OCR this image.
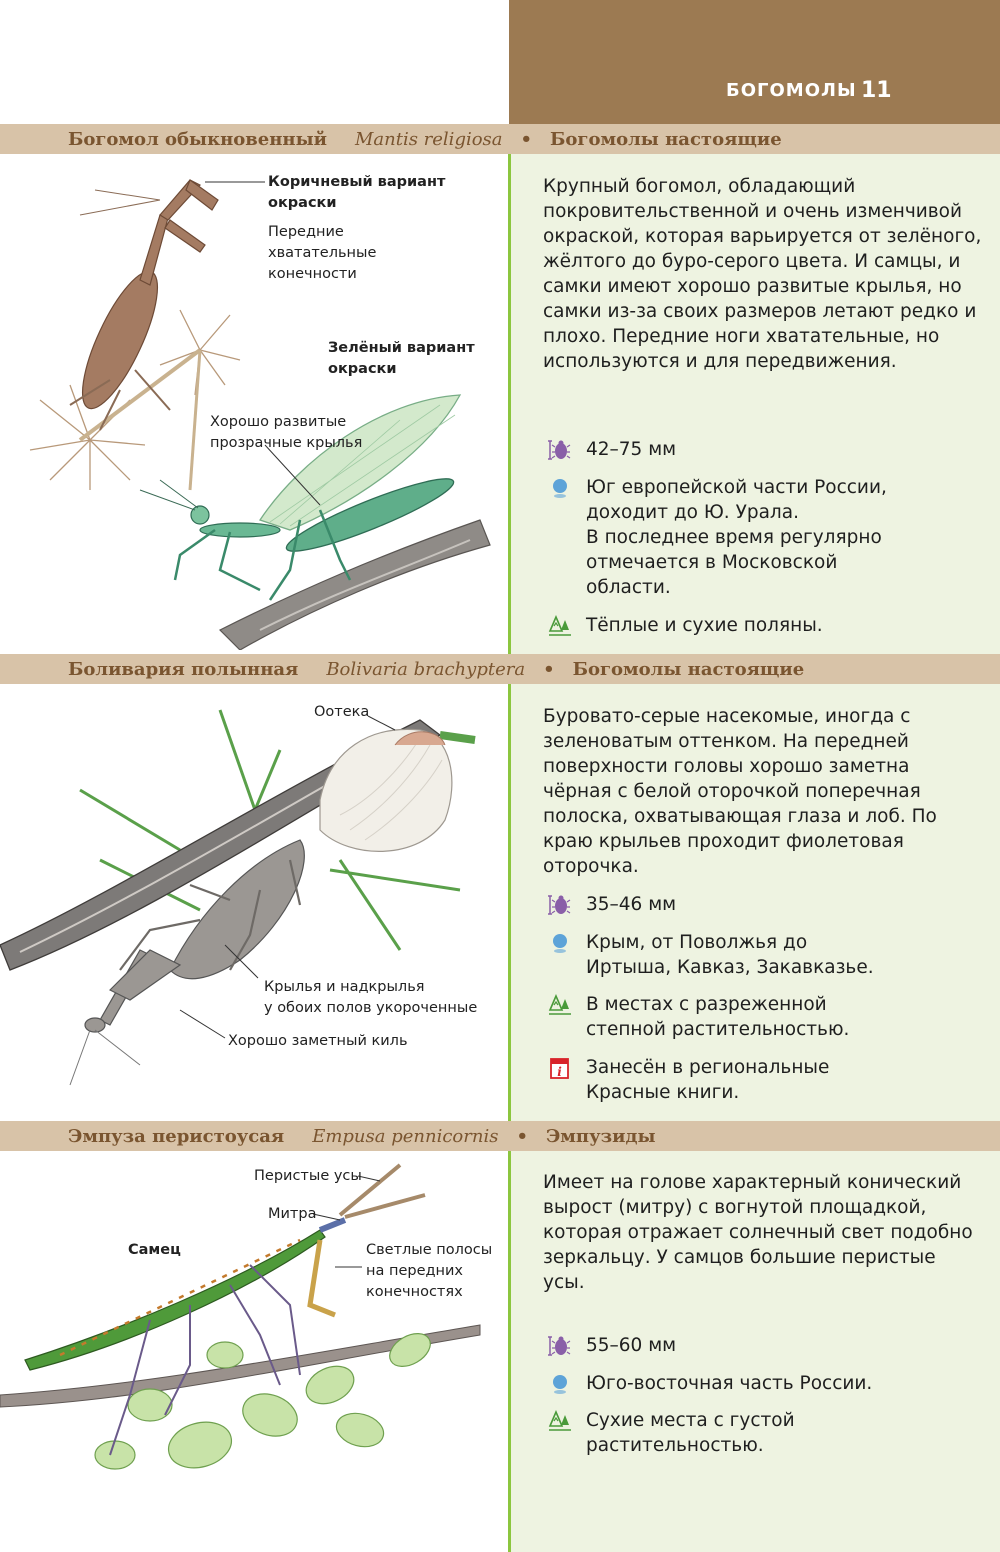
БОГОМОЛЫ 11
Богомол обыкновенный Mantis religiosa • Богомолы настоящие
Коричневый вариант
окраски
Передние
хватательные
конечности
Зелёный вариант
окраски
Хорошо развитые
прозрачные крылья
Крупный богомол, обладающий покровительственной и очень изменчивой окраской, которая варьируется от зелёного, жёлтого до буро-серого цвета. И самцы, и самки имеют хорошо развитые крылья, но самки из-за своих размеров летают редко и плохо. Передние ноги хватательные, но используются и для передвижения.
42–75 мм
Юг европейской части России,
доходит до Ю. Урала.
В последнее время регулярно
отмечается в Московской
области.
Тёплые и сухие поляны.
Боливария полынная Bolivaria brachyptera • Богомолы настоящие
Оотека
Крылья и надкрылья
у обоих полов укороченные
Хорошо заметный киль
Буровато-серые насекомые, иногда с зеленоватым оттенком. На передней поверхности головы хорошо заметна чёрная с белой оторочкой поперечная полоска, охватывающая глаза и лоб. По краю крыльев проходит фиолетовая оторочка.
35–46 мм
Крым, от Поволжья до Иртыша, Кавказ, Закавказье.
В местах с разреженной
степной растительностью.
Занесён в региональные
Красные книги.
Эмпуза перистоусая Empusa pennicornis • Эмпузиды
Перистые усы
Митра
Самец	Светлые полосы
на передних
конечностях
Имеет на голове характерный конический вырост (митру) с вогнутой площадкой, которая отражает солнечный свет подобно зеркальцу. У самцов большие перистые усы.
55–60 мм
Юго-восточная часть России.
Сухие места с густой
растительностью.
